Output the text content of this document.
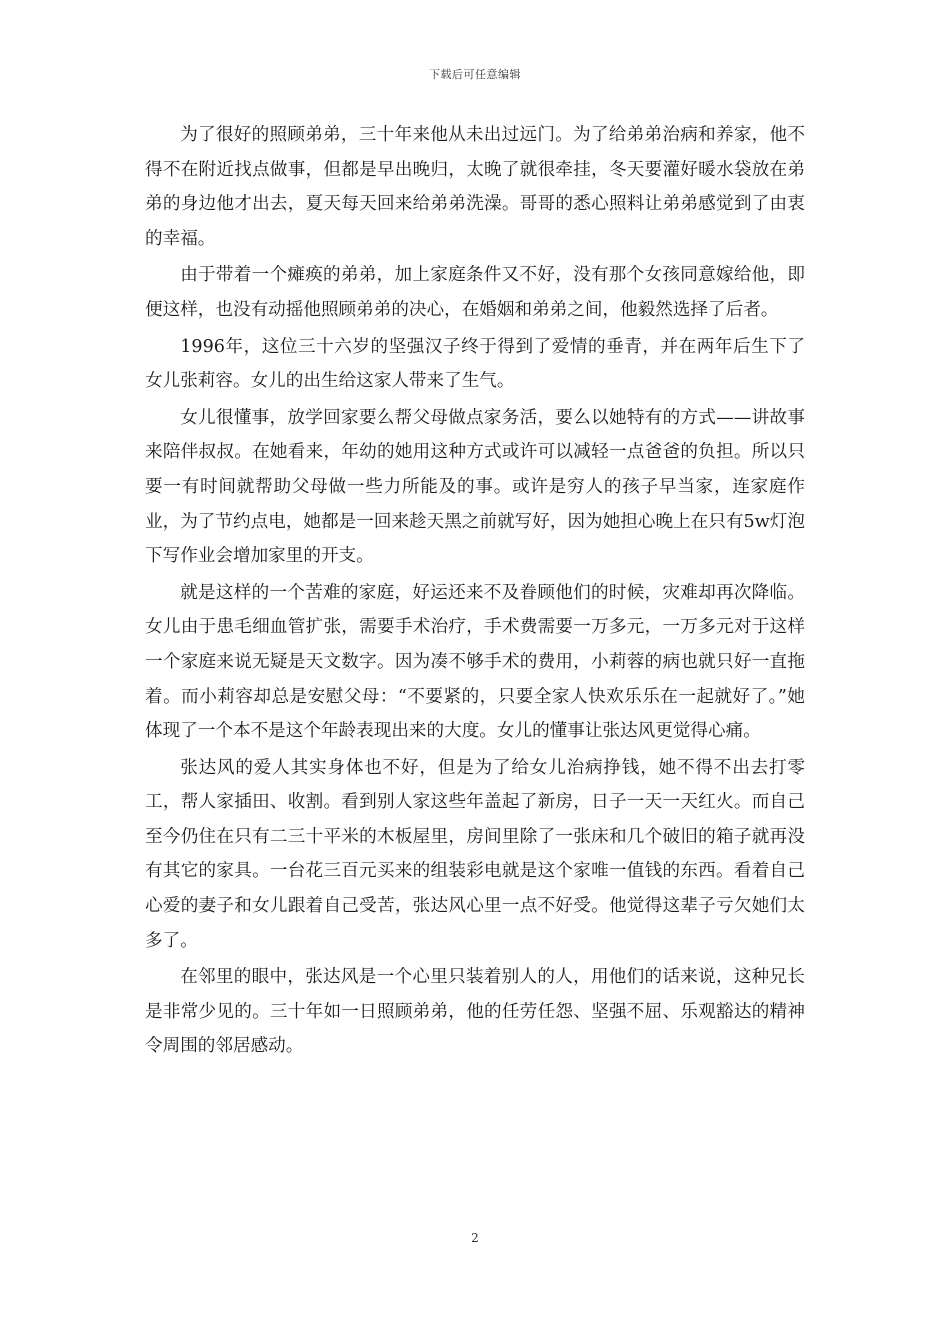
下载后可任意编辑

为了很好的照顾弟弟，三十年来他从未出过远门。为了给弟弟治病和养家，他不得不在附近找点做事，但都是早出晚归，太晚了就很牵挂，冬天要灌好暖水袋放在弟弟的身边他才出去，夏天每天回来给弟弟洗澡。哥哥的悉心照料让弟弟感觉到了由衷的幸福。

由于带着一个瘫痪的弟弟，加上家庭条件又不好，没有那个女孩同意嫁给他，即便这样，也没有动摇他照顾弟弟的决心，在婚姻和弟弟之间，他毅然选择了后者。

1996年，这位三十六岁的坚强汉子终于得到了爱情的垂青，并在两年后生下了女儿张莉容。女儿的出生给这家人带来了生气。

女儿很懂事，放学回家要么帮父母做点家务活，要么以她特有的方式——讲故事来陪伴叔叔。在她看来，年幼的她用这种方式或许可以减轻一点爸爸的负担。所以只要一有时间就帮助父母做一些力所能及的事。或许是穷人的孩子早当家，连家庭作业，为了节约点电，她都是一回来趁天黑之前就写好，因为她担心晚上在只有5w灯泡下写作业会增加家里的开支。

就是这样的一个苦难的家庭，好运还来不及眷顾他们的时候，灾难却再次降临。女儿由于患毛细血管扩张，需要手术治疗，手术费需要一万多元，一万多元对于这样一个家庭来说无疑是天文数字。因为凑不够手术的费用，小莉蓉的病也就只好一直拖着。而小莉容却总是安慰父母：“不要紧的，只要全家人快欢乐乐在一起就好了。”她体现了一个本不是这个年龄表现出来的大度。女儿的懂事让张达风更觉得心痛。

张达风的爱人其实身体也不好，但是为了给女儿治病挣钱，她不得不出去打零工，帮人家插田、收割。看到别人家这些年盖起了新房，日子一天一天红火。而自己至今仍住在只有二三十平米的木板屋里，房间里除了一张床和几个破旧的箱子就再没有其它的家具。一台花三百元买来的组装彩电就是这个家唯一值钱的东西。看着自己心爱的妻子和女儿跟着自己受苦，张达风心里一点不好受。他觉得这辈子亏欠她们太多了。

在邻里的眼中，张达风是一个心里只装着别人的人，用他们的话来说，这种兄长是非常少见的。三十年如一日照顾弟弟，他的任劳任怨、坚强不屈、乐观豁达的精神令周围的邻居感动。

2
